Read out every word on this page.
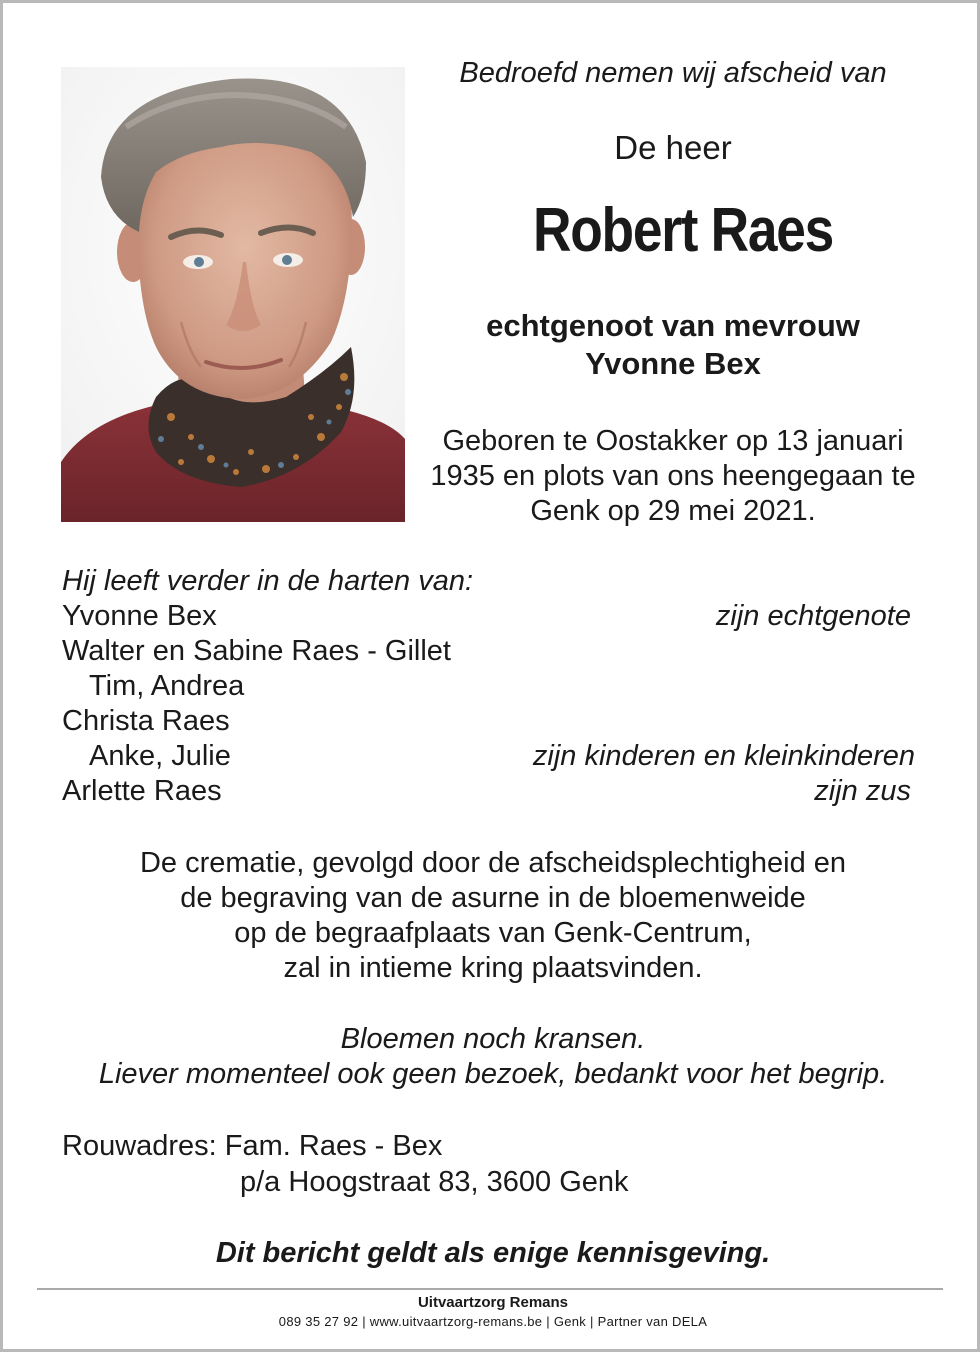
Bedroefd nemen wij afscheid van
De heer
Robert Raes
echtgenoot van mevrouw
Yvonne Bex
Geboren te Oostakker op 13 januari 1935 en plots van ons heengegaan te Genk op 29 mei 2021.
Hij leeft verder in de harten van:
Yvonne Bex	zijn echtgenote
Walter en Sabine Raes - Gillet
Tim, Andrea
Christa Raes
Anke, Julie	zijn kinderen en kleinkinderen
Arlette Raes	zijn zus
De crematie, gevolgd door de afscheidsplechtigheid en
de begraving van de asurne in de bloemenweide
op de begraafplaats van Genk-Centrum,
zal in intieme kring plaatsvinden.
Bloemen noch kransen.
Liever momenteel ook geen bezoek, bedankt voor het begrip.
Rouwadres: Fam. Raes - Bex
p/a Hoogstraat 83, 3600 Genk
Dit bericht geldt als enige kennisgeving.
Uitvaartzorg Remans
089 35 27 92 | www.uitvaartzorg-remans.be | Genk | Partner van DELA
